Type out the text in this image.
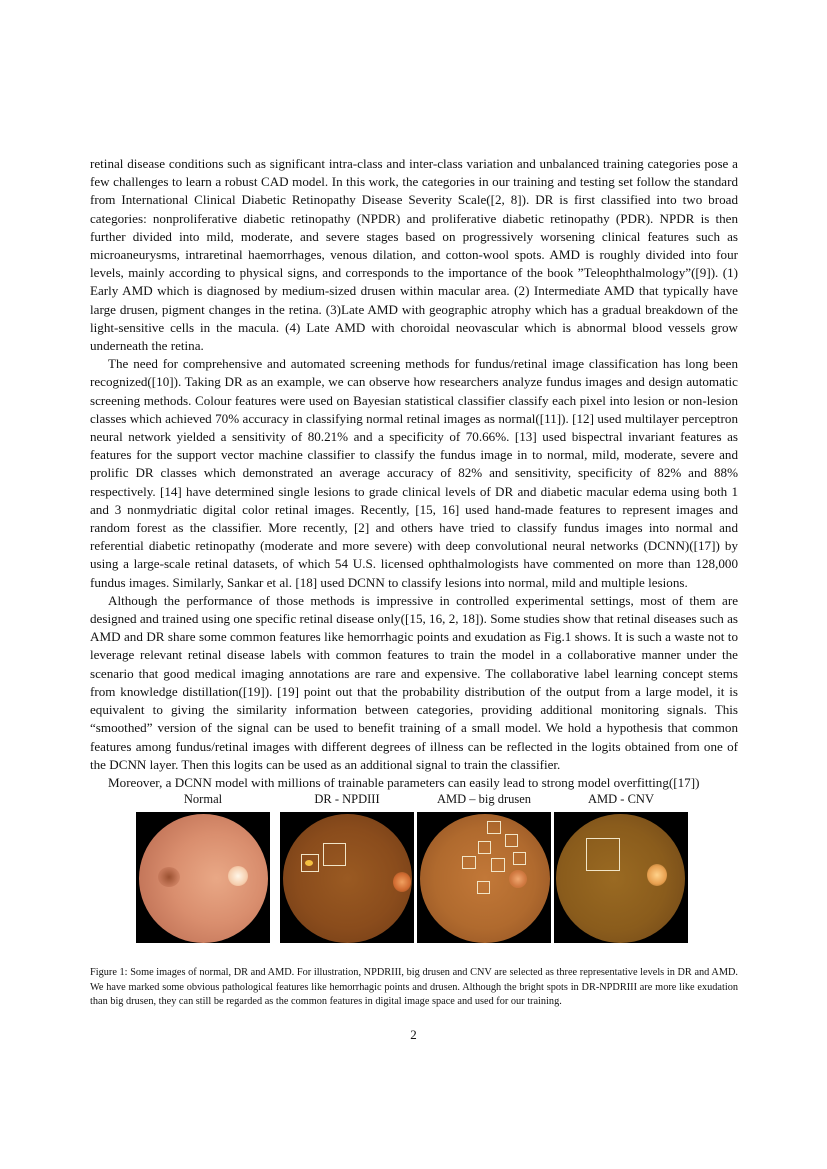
retinal disease conditions such as significant intra-class and inter-class variation and unbalanced training categories pose a few challenges to learn a robust CAD model. In this work, the categories in our training and testing set follow the standard from International Clinical Diabetic Retinopathy Disease Severity Scale([2, 8]). DR is first classified into two broad categories: nonproliferative diabetic retinopathy (NPDR) and proliferative diabetic retinopathy (PDR). NPDR is then further divided into mild, moderate, and severe stages based on progressively worsening clinical features such as microaneurysms, intraretinal haemorrhages, venous dilation, and cotton-wool spots. AMD is roughly divided into four levels, mainly according to physical signs, and corresponds to the importance of the book ”Teleophthalmology”([9]). (1) Early AMD which is diagnosed by medium-sized drusen within macular area. (2) Intermediate AMD that typically have large drusen, pigment changes in the retina. (3)Late AMD with geographic atrophy which has a gradual breakdown of the light-sensitive cells in the macula. (4) Late AMD with choroidal neovascular which is abnormal blood vessels grow underneath the retina.

The need for comprehensive and automated screening methods for fundus/retinal image classification has long been recognized([10]). Taking DR as an example, we can observe how researchers analyze fundus images and design automatic screening methods. Colour features were used on Bayesian statistical classifier classify each pixel into lesion or non-lesion classes which achieved 70% accuracy in classifying normal retinal images as normal([11]). [12] used multilayer perceptron neural network yielded a sensitivity of 80.21% and a specificity of 70.66%. [13] used bispectral invariant features as features for the support vector machine classifier to classify the fundus image in to normal, mild, moderate, severe and prolific DR classes which demonstrated an average accuracy of 82% and sensitivity, specificity of 82% and 88% respectively. [14] have determined single lesions to grade clinical levels of DR and diabetic macular edema using both 1 and 3 nonmydriatic digital color retinal images. Recently, [15, 16] used hand-made features to represent images and random forest as the classifier. More recently, [2] and others have tried to classify fundus images into normal and referential diabetic retinopathy (moderate and more severe) with deep convolutional neural networks (DCNN)([17]) by using a large-scale retinal datasets, of which 54 U.S. licensed ophthalmologists have commented on more than 128,000 fundus images. Similarly, Sankar et al. [18] used DCNN to classify lesions into normal, mild and multiple lesions.

Although the performance of those methods is impressive in controlled experimental settings, most of them are designed and trained using one specific retinal disease only([15, 16, 2, 18]). Some studies show that retinal diseases such as AMD and DR share some common features like hemorrhagic points and exudation as Fig.1 shows. It is such a waste not to leverage relevant retinal disease labels with common features to train the model in a collaborative manner under the scenario that good medical imaging annotations are rare and expensive. The collaborative label learning concept stems from knowledge distillation([19]). [19] point out that the probability distribution of the output from a large model, it is equivalent to giving the similarity information between categories, providing additional monitoring signals. This “smoothed” version of the signal can be used to benefit training of a small model. We hold a hypothesis that common features among fundus/retinal images with different degrees of illness can be reflected in the logits obtained from one of the DCNN layer. Then this logits can be used as an additional signal to train the classifier.

Moreover, a DCNN model with millions of trainable parameters can easily lead to strong model overfitting([17])

Normal	DR - NPDIII	AMD – big drusen	AMD - CNV
Figure 1: Some images of normal, DR and AMD. For illustration, NPDRIII, big drusen and CNV are selected as three representative levels in DR and AMD. We have marked some obvious pathological features like hemorrhagic points and drusen. Although the bright spots in DR-NPDRIII are more like exudation than big drusen, they can still be regarded as the common features in digital image space and used for our training.
2
